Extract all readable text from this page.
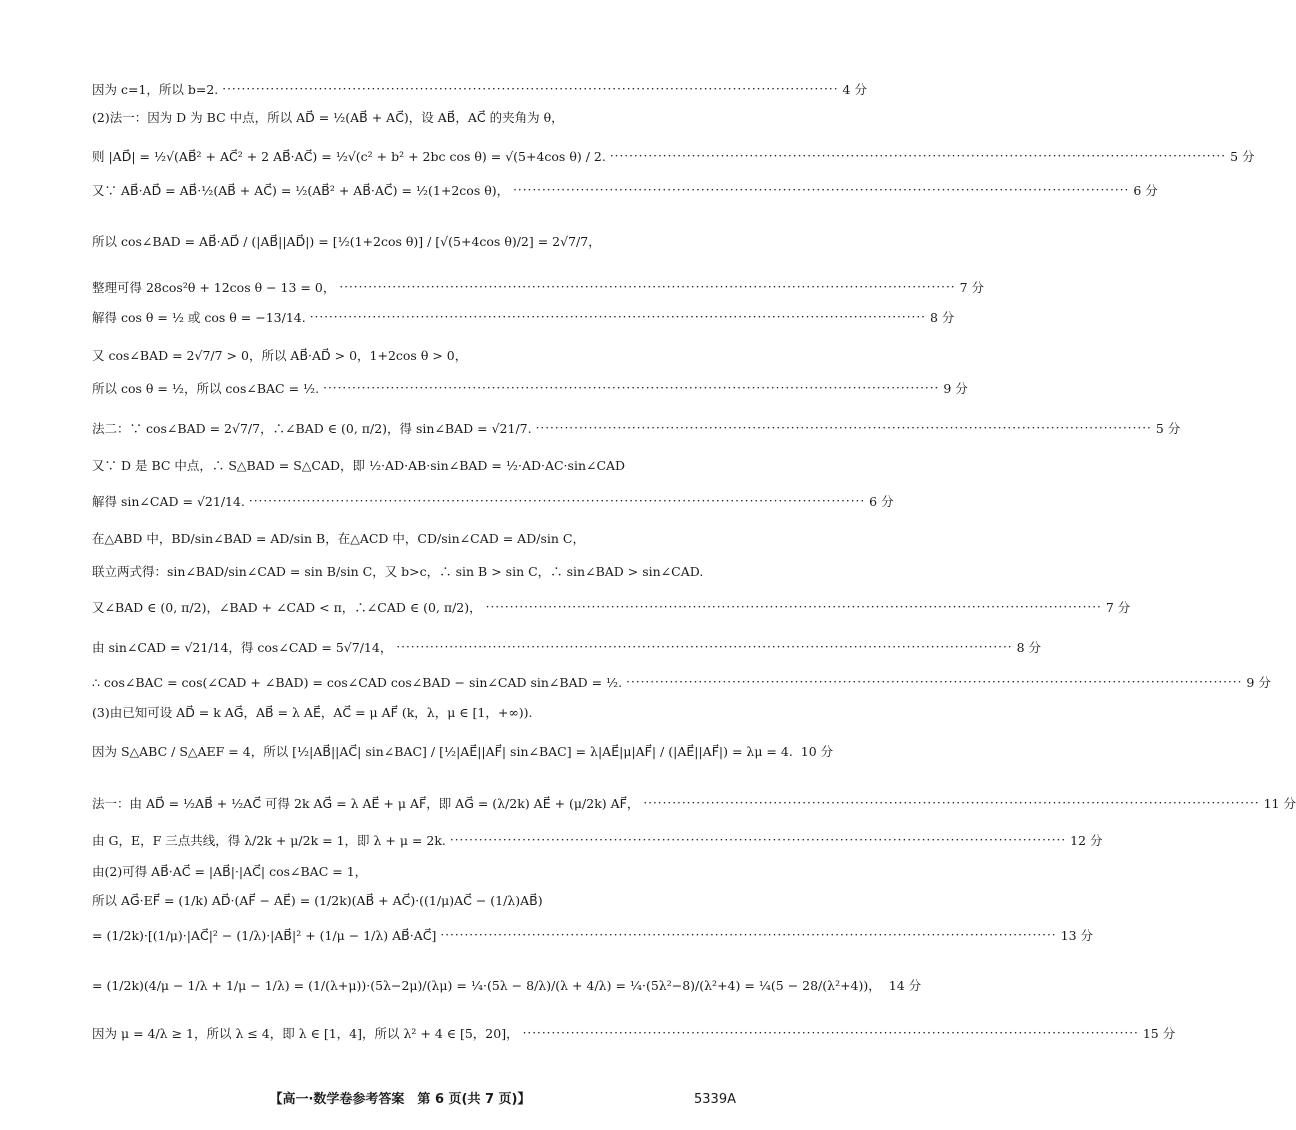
因为 c=1，所以 b=2. ·····	4 分
(2)法一：因为 D 为 BC 中点，所以 AD⃗ = ½(AB⃗ + AC⃗)，设 AB⃗，AC⃗ 的夹角为 θ，
则 |AD⃗| = ½√(AB⃗² + AC⃗² + 2 AB⃗·AC⃗) = ½√(c² + b² + 2bc cos θ) = √(5+4cos θ) / 2. ·····	5 分
又∵ AB⃗·AD⃗ = AB⃗·½(AB⃗ + AC⃗) = ½(AB⃗² + AB⃗·AC⃗) = ½(1+2cos θ)， ·····	6 分
所以 cos∠BAD = AB⃗·AD⃗ / (|AB⃗||AD⃗|) = [½(1+2cos θ)] / [√(5+4cos θ)/2] = 2√7/7，
整理可得 28cos²θ + 12cos θ − 13 = 0， ·····	7 分
解得 cos θ = ½ 或 cos θ = −13/14. ·····	8 分
又 cos∠BAD = 2√7/7 > 0，所以 AB⃗·AD⃗ > 0，1+2cos θ > 0，
所以 cos θ = ½，所以 cos∠BAC = ½. ·····	9 分
法二：∵ cos∠BAD = 2√7/7，∴∠BAD ∈ (0, π/2)，得 sin∠BAD = √21/7. ·····	5 分
又∵ D 是 BC 中点，∴ S△BAD = S△CAD，即 ½·AD·AB·sin∠BAD = ½·AD·AC·sin∠CAD
解得 sin∠CAD = √21/14. ·····	6 分
在△ABD 中，BD/sin∠BAD = AD/sin B，在△ACD 中，CD/sin∠CAD = AD/sin C，
联立两式得：sin∠BAD/sin∠CAD = sin B/sin C，又 b>c，∴ sin B > sin C，∴ sin∠BAD > sin∠CAD.
又∠BAD ∈ (0, π/2)，∠BAD + ∠CAD < π，∴∠CAD ∈ (0, π/2)， ·····	7 分
由 sin∠CAD = √21/14，得 cos∠CAD = 5√7/14， ·····	8 分
∴ cos∠BAC = cos(∠CAD + ∠BAD) = cos∠CAD cos∠BAD − sin∠CAD sin∠BAD = ½. ·····	9 分
(3)由已知可设 AD⃗ = k AG⃗，AB⃗ = λ AE⃗，AC⃗ = μ AF⃗ (k，λ，μ ∈ [1，+∞)).
因为 S△ABC / S△AEF = 4，所以 [½|AB⃗||AC⃗| sin∠BAC] / [½|AE⃗||AF⃗| sin∠BAC] = λ|AE⃗|μ|AF⃗| / (|AE⃗||AF⃗|) = λμ = 4. 10 分
法一：由 AD⃗ = ½AB⃗ + ½AC⃗ 可得 2k AG⃗ = λ AE⃗ + μ AF⃗，即 AG⃗ = (λ/2k) AE⃗ + (μ/2k) AF⃗， ·····	11 分
由 G，E，F 三点共线，得 λ/2k + μ/2k = 1，即 λ + μ = 2k. ·····	12 分
由(2)可得 AB⃗·AC⃗ = |AB⃗|·|AC⃗| cos∠BAC = 1，
所以 AG⃗·EF⃗ = (1/k) AD⃗·(AF⃗ − AE⃗) = (1/2k)(AB⃗ + AC⃗)·((1/μ)AC⃗ − (1/λ)AB⃗)
= (1/2k)·[(1/μ)·|AC⃗|² − (1/λ)·|AB⃗|² + (1/μ − 1/λ) AB⃗·AC⃗] ·····	13 分
= (1/2k)(4/μ − 1/λ + 1/μ − 1/λ) = (1/(λ+μ))·(5λ−2μ)/(λμ) = ¼·(5λ − 8/λ)/(λ + 4/λ) = ¼·(5λ²−8)/(λ²+4) = ¼(5 − 28/(λ²+4))， 14 分
因为 μ = 4/λ ≥ 1，所以 λ ≤ 4，即 λ ∈ [1，4]，所以 λ² + 4 ∈ [5，20]， ·····	15 分
【高一·数学卷参考答案　第 6 页(共 7 页)】	5339A
